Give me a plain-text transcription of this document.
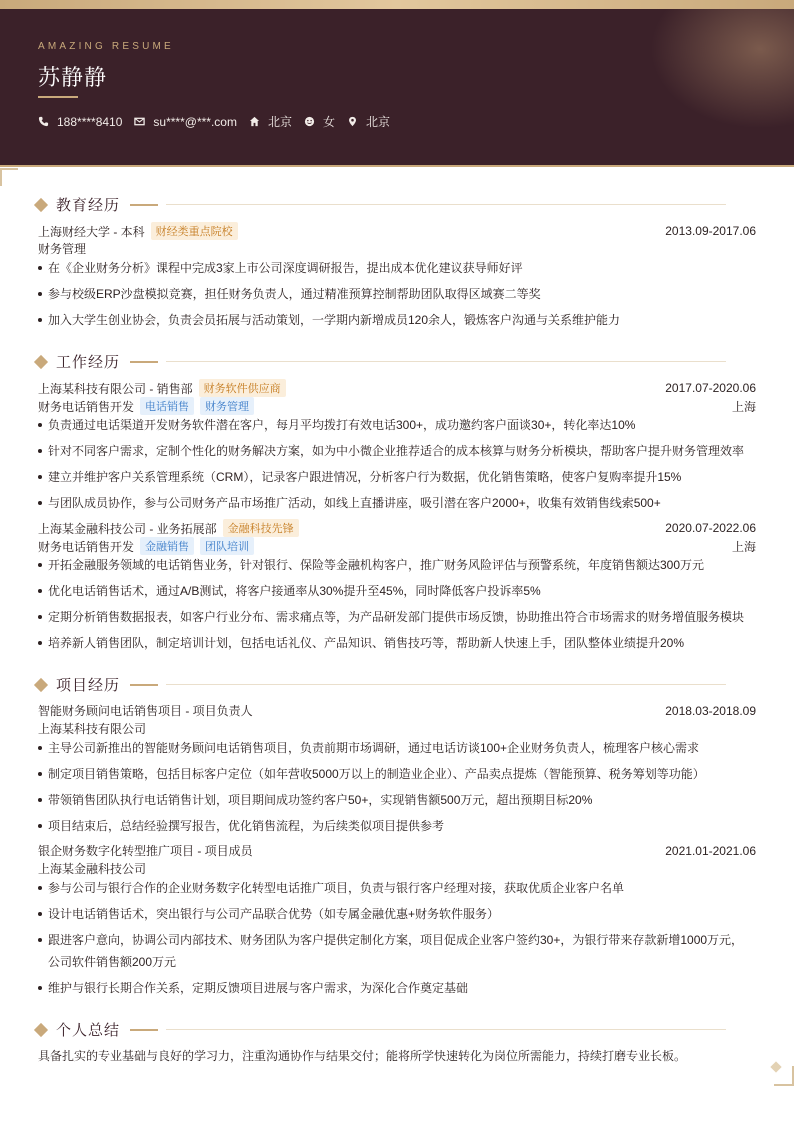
AMAZING RESUME
苏静静
188****8410	su****@***.com	北京	女	北京
教育经历
上海财经大学 - 本科	财经类重点院校	2013.09-2017.06
财务管理
在《企业财务分析》课程中完成3家上市公司深度调研报告，提出成本优化建议获导师好评
参与校级ERP沙盘模拟竞赛，担任财务负责人，通过精准预算控制帮助团队取得区域赛二等奖
加入大学生创业协会，负责会员拓展与活动策划，一学期内新增成员120余人，锻炼客户沟通与关系维护能力
工作经历
上海某科技有限公司 - 销售部	财务软件供应商	2017.07-2020.06
财务电话销售开发	电话销售	财务管理	上海
负责通过电话渠道开发财务软件潜在客户，每月平均拨打有效电话300+，成功邀约客户面谈30+，转化率达10%
针对不同客户需求，定制个性化的财务解决方案，如为中小微企业推荐适合的成本核算与财务分析模块，帮助客户提升财务管理效率
建立并维护客户关系管理系统（CRM），记录客户跟进情况，分析客户行为数据，优化销售策略，使客户复购率提升15%
与团队成员协作，参与公司财务产品市场推广活动，如线上直播讲座，吸引潜在客户2000+，收集有效销售线索500+
上海某金融科技公司 - 业务拓展部	金融科技先锋	2020.07-2022.06
财务电话销售开发	金融销售	团队培训	上海
开拓金融服务领域的电话销售业务，针对银行、保险等金融机构客户，推广财务风险评估与预警系统，年度销售额达300万元
优化电话销售话术，通过A/B测试，将客户接通率从30%提升至45%，同时降低客户投诉率5%
定期分析销售数据报表，如客户行业分布、需求痛点等，为产品研发部门提供市场反馈，协助推出符合市场需求的财务增值服务模块
培养新人销售团队，制定培训计划，包括电话礼仪、产品知识、销售技巧等，帮助新人快速上手，团队整体业绩提升20%
项目经历
智能财务顾问电话销售项目 - 项目负责人	2018.03-2018.09
上海某科技有限公司
主导公司新推出的智能财务顾问电话销售项目，负责前期市场调研，通过电话访谈100+企业财务负责人，梳理客户核心需求
制定项目销售策略，包括目标客户定位（如年营收5000万以上的制造业企业）、产品卖点提炼（智能预算、税务筹划等功能）
带领销售团队执行电话销售计划，项目期间成功签约客户50+，实现销售额500万元，超出预期目标20%
项目结束后，总结经验撰写报告，优化销售流程，为后续类似项目提供参考
银企财务数字化转型推广项目 - 项目成员	2021.01-2021.06
上海某金融科技公司
参与公司与银行合作的企业财务数字化转型电话推广项目，负责与银行客户经理对接，获取优质企业客户名单
设计电话销售话术，突出银行与公司产品联合优势（如专属金融优惠+财务软件服务）
跟进客户意向，协调公司内部技术、财务团队为客户提供定制化方案，项目促成企业客户签约30+，为银行带来存款新增1000万元，
公司软件销售额200万元
维护与银行长期合作关系，定期反馈项目进展与客户需求，为深化合作奠定基础
个人总结
具备扎实的专业基础与良好的学习力，注重沟通协作与结果交付；能将所学快速转化为岗位所需能力，持续打磨专业长板。
